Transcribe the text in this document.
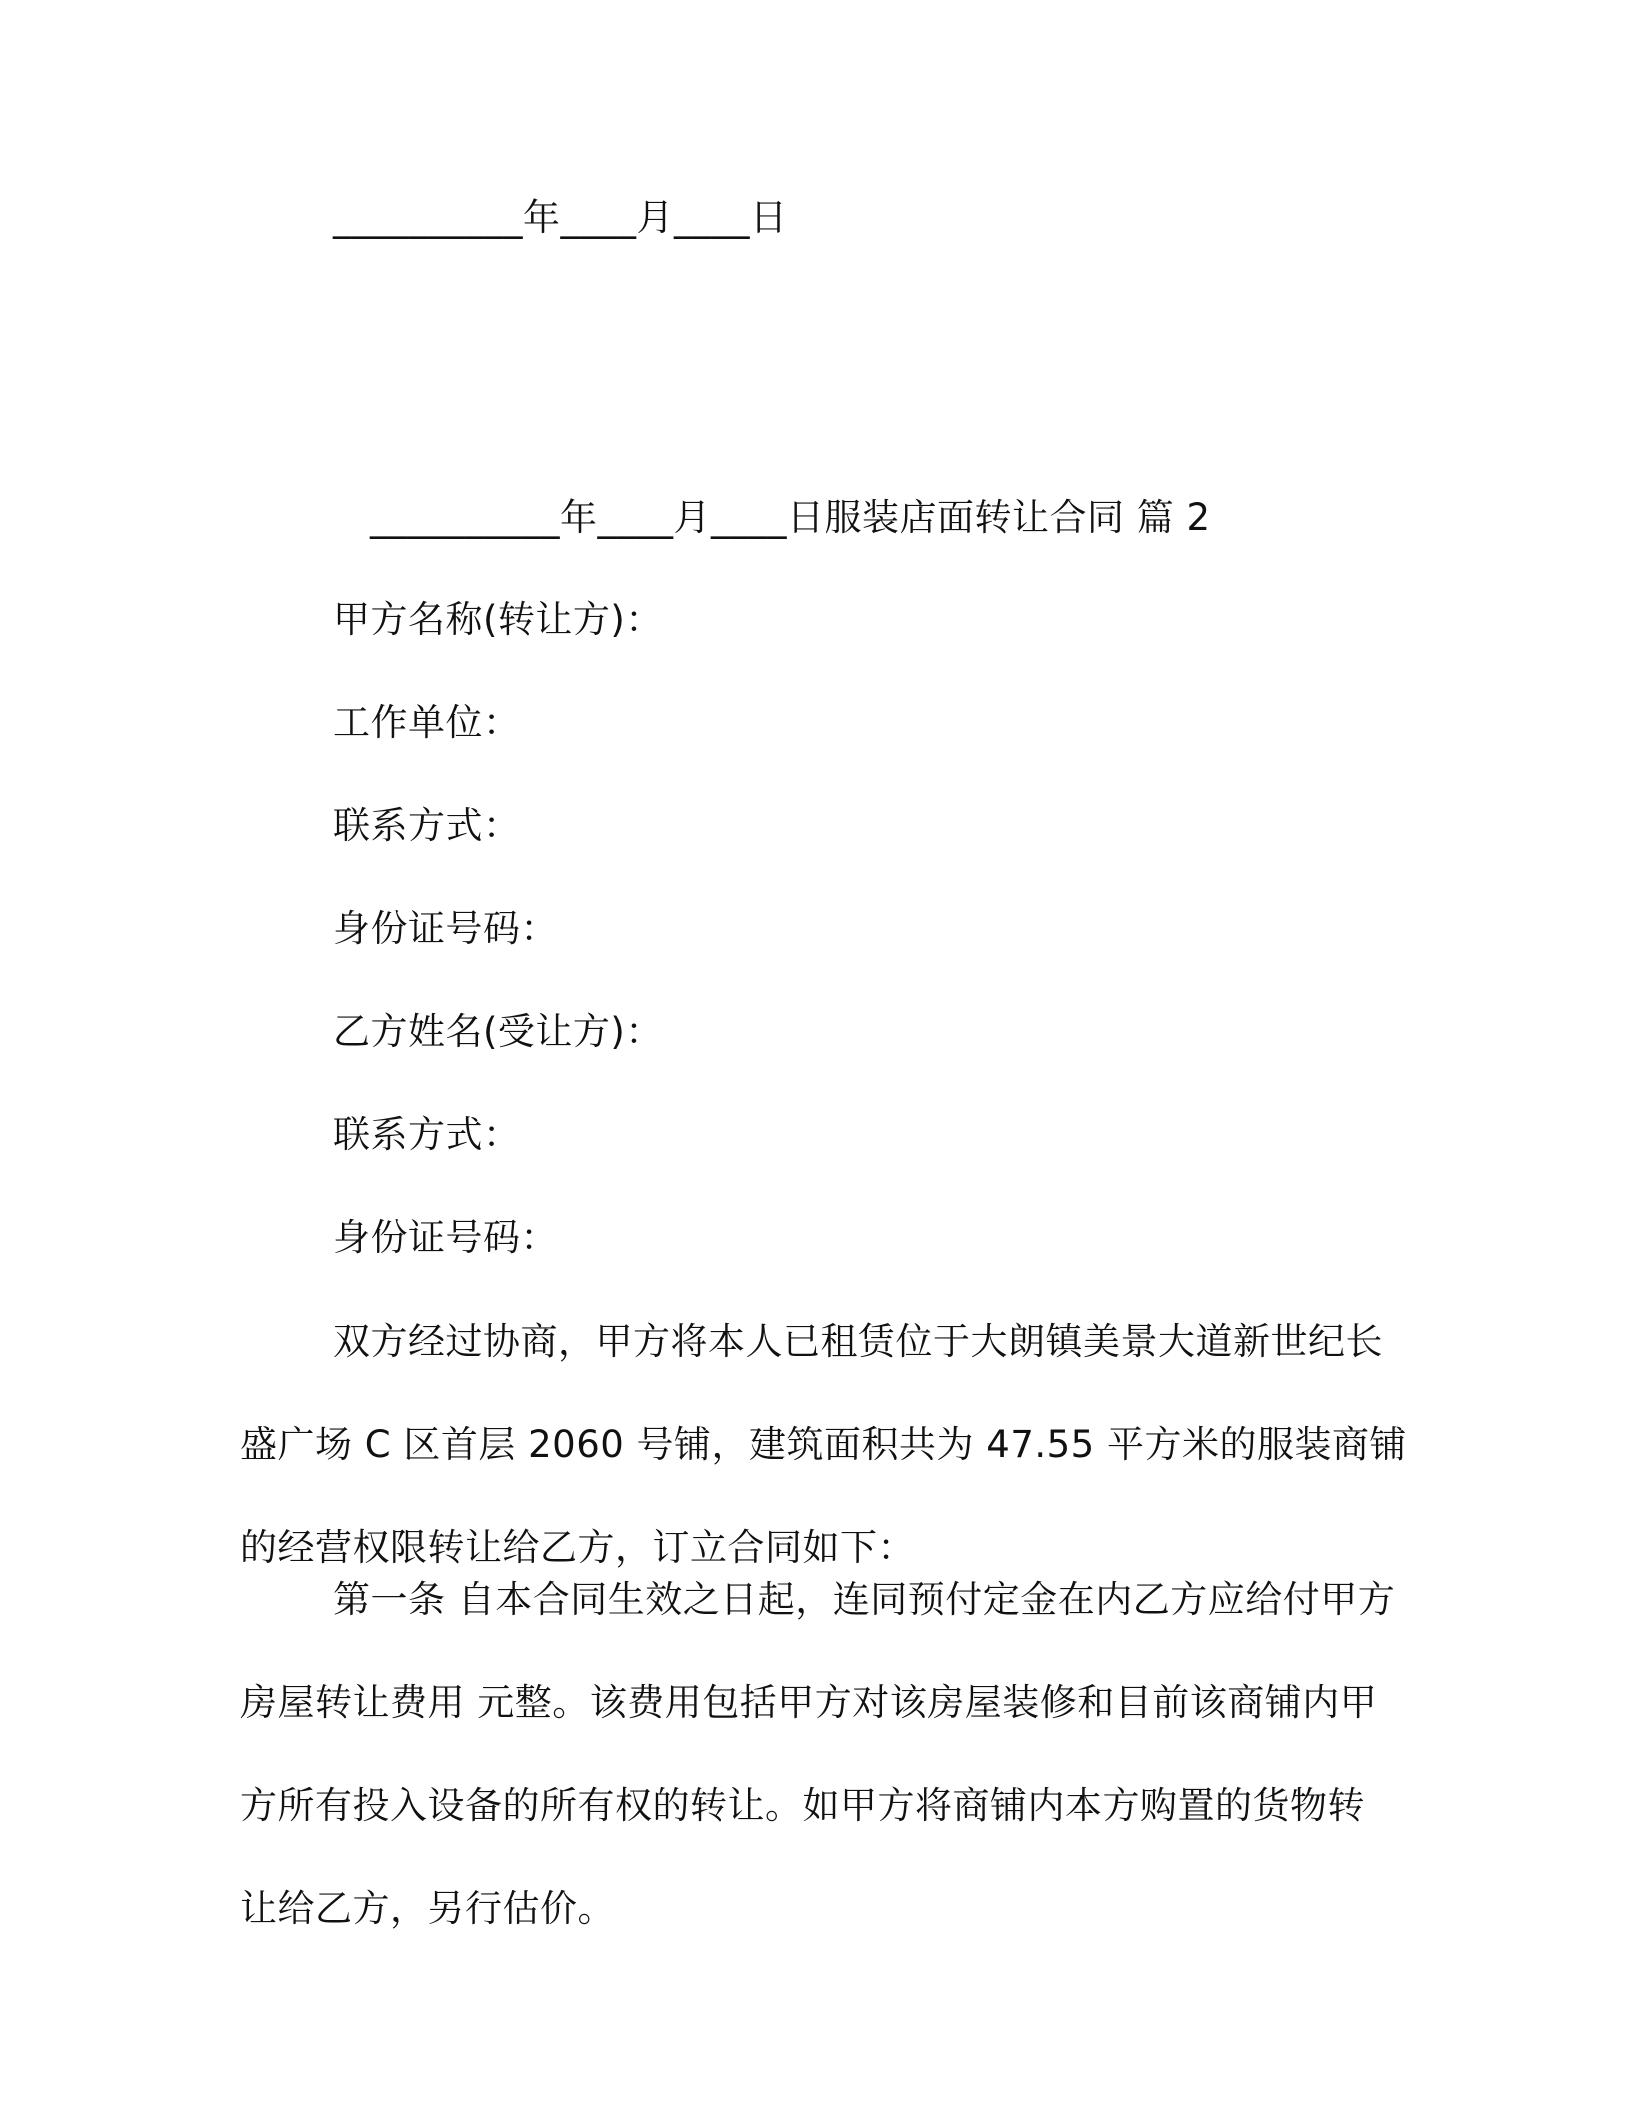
__________年____月____日
__________年____月____日服装店面转让合同 篇 2
甲方名称(转让方)：
工作单位：
联系方式：
身份证号码：
乙方姓名(受让方)：
联系方式：
身份证号码：
双方经过协商，甲方将本人已租赁位于大朗镇美景大道新世纪长
盛广场 C 区首层 2060 号铺，建筑面积共为 47.55 平方米的服装商铺
的经营权限转让给乙方，订立合同如下：
第一条 自本合同生效之日起，连同预付定金在内乙方应给付甲方
房屋转让费用 元整。该费用包括甲方对该房屋装修和目前该商铺内甲
方所有投入设备的所有权的转让。如甲方将商铺内本方购置的货物转
让给乙方，另行估价。
